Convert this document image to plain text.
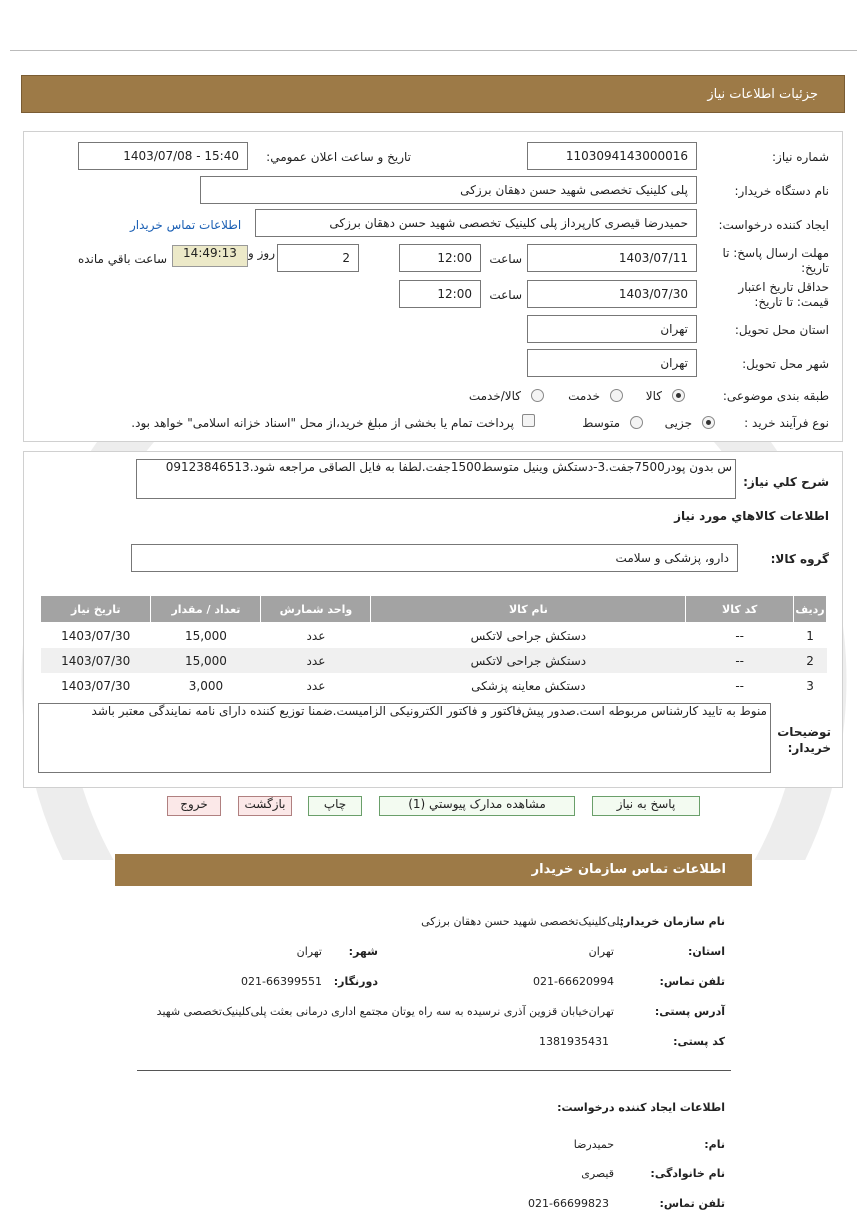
جزئیات اطلاعات نیاز
شماره نیاز:
1103094143000016
تاریخ و ساعت اعلان عمومي:
1403/07/08 - 15:40
نام دستگاه خریدار:
پلی کلینیک تخصصی شهید حسن دهقان برزکی
ایجاد کننده درخواست:
حمیدرضا قیصری کارپرداز پلی کلینیک تخصصی شهید حسن دهقان برزکی
اطلاعات تماس خریدار
مهلت ارسال پاسخ: تا تاریخ:
1403/07/11
ساعت
12:00
2
روز و
14:49:13
ساعت باقي مانده
حداقل تاریخ اعتبار قیمت: تا تاریخ:
1403/07/30
ساعت
12:00
استان محل تحویل:
تهران
شهر محل تحویل:
تهران
طبقه بندی موضوعی:
کالا
خدمت
کالا/خدمت
نوع فرآیند خرید :
جزیی
متوسط
پرداخت تمام یا بخشی از مبلغ خرید،از محل "اسناد خزانه اسلامی" خواهد بود.
شرح کلي نياز:
س بدون پودر7500جفت.3-دستکش وینیل متوسط1500جفت.لطفا به فایل الصاقی مراجعه شود.09123846513
اطلاعات کالاهاي مورد نياز
گروه کالا:
دارو، پزشکی و سلامت
ردیف	کد کالا	نام کالا	واحد شمارش	تعداد / مقدار	تاریخ نیاز
1	--	دستکش جراحی لاتکس	عدد	15,000	1403/07/30
2	--	دستکش جراحی لاتکس	عدد	15,000	1403/07/30
3	--	دستکش معاینه پزشکی	عدد	3,000	1403/07/30
توضیحات خریدار:
منوط به تایید کارشناس مربوطه است.صدور پیش‌فاکتور و فاکتور الکترونیکی الزامیست.ضمنا توزیع کننده دارای نامه نمایندگی معتبر باشد
پاسخ به نیاز
مشاهده مدارک پیوستي (1)
چاپ
بازگشت
خروج
اطلاعات تماس سازمان خریدار
نام سازمان خریدار:
پلی‌کلینیک‌تخصصی شهید حسن دهقان برزکی
استان:
تهران
شهر:
تهران
تلفن تماس:
021-66620994
دورنگار:
021-66399551
آدرس پستی:
تهران‌خیابان قزوین آذری نرسیده به سه راه یوتان مجتمع اداری درمانی بعثت پلی‌کلینیک‌تخصصی شهید
کد پستی:
1381935431
اطلاعات ایجاد کننده درخواست:
نام:
حمیدرضا
نام خانوادگی:
قیصری
تلفن تماس:
021-66699823
